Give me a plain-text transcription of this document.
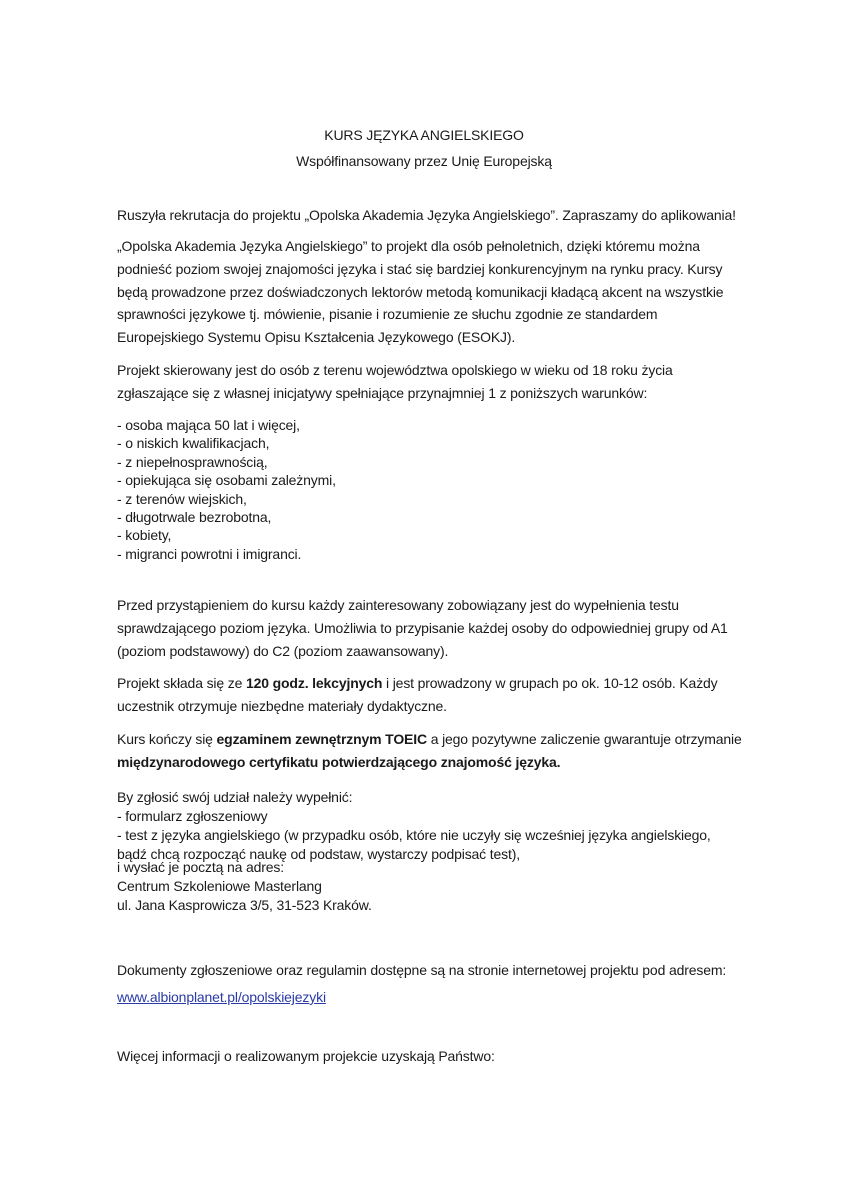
KURS JĘZYKA ANGIELSKIEGO
Współfinansowany przez Unię Europejską
Ruszyła rekrutacja do projektu „Opolska Akademia Języka Angielskiego”. Zapraszamy do aplikowania!
„Opolska Akademia Języka Angielskiego” to projekt dla osób pełnoletnich, dzięki któremu można
podnieść poziom swojej znajomości języka i stać się bardziej konkurencyjnym na rynku pracy. Kursy
będą prowadzone przez doświadczonych lektorów metodą komunikacji kładącą akcent na wszystkie
sprawności językowe tj. mówienie, pisanie i rozumienie ze słuchu zgodnie ze standardem
Europejskiego Systemu Opisu Kształcenia Językowego (ESOKJ).
Projekt skierowany jest do osób z terenu województwa opolskiego w wieku od 18 roku życia
zgłaszające się z własnej inicjatywy spełniające przynajmniej 1 z poniższych warunków:
- osoba mająca 50 lat i więcej,
- o niskich kwalifikacjach,
- z niepełnosprawnością,
- opiekująca się osobami zależnymi,
- z terenów wiejskich,
- długotrwale bezrobotna,
- kobiety,
- migranci powrotni i imigranci.
Przed przystąpieniem do kursu każdy zainteresowany zobowiązany jest do wypełnienia testu
sprawdzającego poziom języka. Umożliwia to przypisanie każdej osoby do odpowiedniej grupy od A1
(poziom podstawowy) do C2 (poziom zaawansowany).
Projekt składa się ze 120 godz. lekcyjnych i jest prowadzony w grupach po ok. 10-12 osób. Każdy
uczestnik otrzymuje niezbędne materiały dydaktyczne.
Kurs kończy się egzaminem zewnętrznym TOEIC a jego pozytywne zaliczenie gwarantuje otrzymanie
międzynarodowego certyfikatu potwierdzającego znajomość języka.
By zgłosić swój udział należy wypełnić:
- formularz zgłoszeniowy
- test z języka angielskiego (w przypadku osób, które nie uczyły się wcześniej języka angielskiego,
bądź chcą rozpocząć naukę od podstaw, wystarczy podpisać test),
i wysłać je pocztą na adres:
Centrum Szkoleniowe Masterlang
ul. Jana Kasprowicza 3/5, 31-523 Kraków.
Dokumenty zgłoszeniowe oraz regulamin dostępne są na stronie internetowej projektu pod adresem:
www.albionplanet.pl/opolskiejezyki
Więcej informacji o realizowanym projekcie uzyskają Państwo:
